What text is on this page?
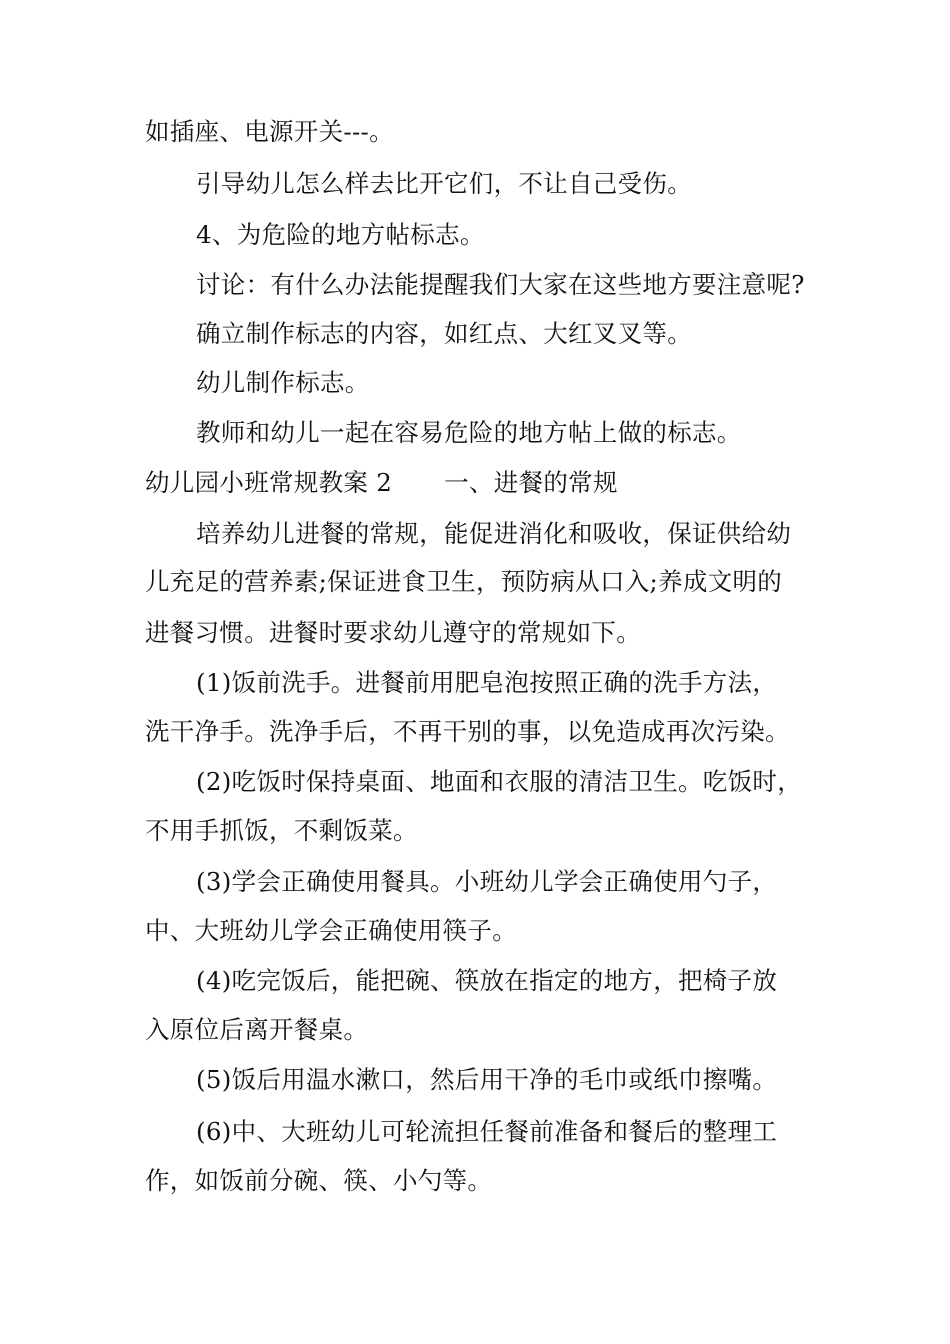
如插座、电源开关---。
引导幼儿怎么样去比开它们，不让自己受伤。
4、为危险的地方帖标志。
讨论：有什么办法能提醒我们大家在这些地方要注意呢?
确立制作标志的内容，如红点、大红叉叉等。
幼儿制作标志。
教师和幼儿一起在容易危险的地方帖上做的标志。
幼儿园小班常规教案 2 一、进餐的常规
培养幼儿进餐的常规，能促进消化和吸收，保证供给幼
儿充足的营养素;保证进食卫生，预防病从口入;养成文明的
进餐习惯。进餐时要求幼儿遵守的常规如下。
(1)饭前洗手。进餐前用肥皂泡按照正确的洗手方法，
洗干净手。洗净手后，不再干别的事，以免造成再次污染。
(2)吃饭时保持桌面、地面和衣服的清洁卫生。吃饭时，
不用手抓饭，不剩饭菜。
(3)学会正确使用餐具。小班幼儿学会正确使用勺子，
中、大班幼儿学会正确使用筷子。
(4)吃完饭后，能把碗、筷放在指定的地方，把椅子放
入原位后离开餐桌。
(5)饭后用温水漱口，然后用干净的毛巾或纸巾擦嘴。
(6)中、大班幼儿可轮流担任餐前准备和餐后的整理工
作，如饭前分碗、筷、小勺等。
